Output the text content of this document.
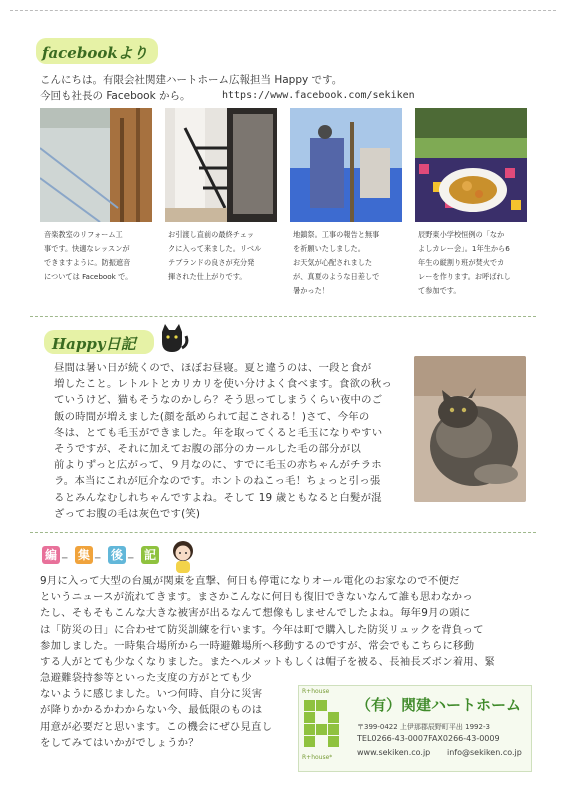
facebookより
こんにちは。有限会社関建ハートホーム広報担当 Happy です。
今回も社長の Facebook から。	https://www.facebook.com/sekiken
音楽教室のリフォーム工
事です。快適なレッスンが
できますように。防振遮音
については Facebook で。
お引渡し直前の最終チェッ
クに入って来ました。リベル
テブランドの良さが充分発
揮された仕上がりです。
地鎮祭。工事の報告と無事
を祈願いたしました。
お天気が心配されました
が、真夏のような日差しで
暑かった！
辰野東小学校恒例の「なか
よしカレー会」。1年生から6
年生の縦割り班が焚火でカ
レーを作ります。お呼ばれし
て参加です。
Happy日記
昼間は暑い日が続くので、ほぼお昼寝。夏と違うのは、一段と食が
増したこと。レトルトとカリカリを使い分けよく食べます。食欲の秋っ
ていうけど、猫もそうなのかしら？そう思ってしまうくらい夜中のご
飯の時間が増えました(顔を舐められて起こされる！)さて、今年の
冬は、とても毛玉ができました。年を取ってくると毛玉になりやすい
そうですが、それに加えてお腹の部分のカールした毛の部分が以
前よりずっと広がって、９月なのに、すでに毛玉の赤ちゃんがチラホ
ラ。本当にこれが厄介なのです。ホントのねこっ毛！ちょっと引っ張
るとみんなむしれちゃんですよね。そして 19 歳ともなると白髪が混
ざってお腹の毛は灰色です(笑)
編 ━ 集 ━ 後 ━ 記
9月に入って大型の台風が関東を直撃、何日も停電になりオール電化のお家なので不便だ
というニュースが流れてきます。まさかこんなに何日も復旧できないなんて誰も思わなかっ
たし、そもそもこんな大きな被害が出るなんて想像もしませんでしたよね。毎年9月の頭に
は「防災の日」に合わせて防災訓練を行います。今年は町で購入した防災リュックを背負って
参加しました。一時集合場所から一時避難場所へ移動するのですが、常会でもこちらに移動
する人がとても少なくなりました。またヘルメットもしくは帽子を被る、長袖長ズボン着用、緊
急避難袋持参等といった支度の方がとても少
ないように感じました。いつ何時、自分に災害
が降りかかるかわからない今、最低限のものは
用意が必要だと思います。この機会にぜひ見直し
をしてみてはいかがでしょうか？
R+house
R+house*
（有）関建ハートホーム
〒399-0422 上伊那郡辰野町平出 1992-3
TEL0266-43-0007FAX0266-43-0009
www.sekiken.co.jp info@sekiken.co.jp
